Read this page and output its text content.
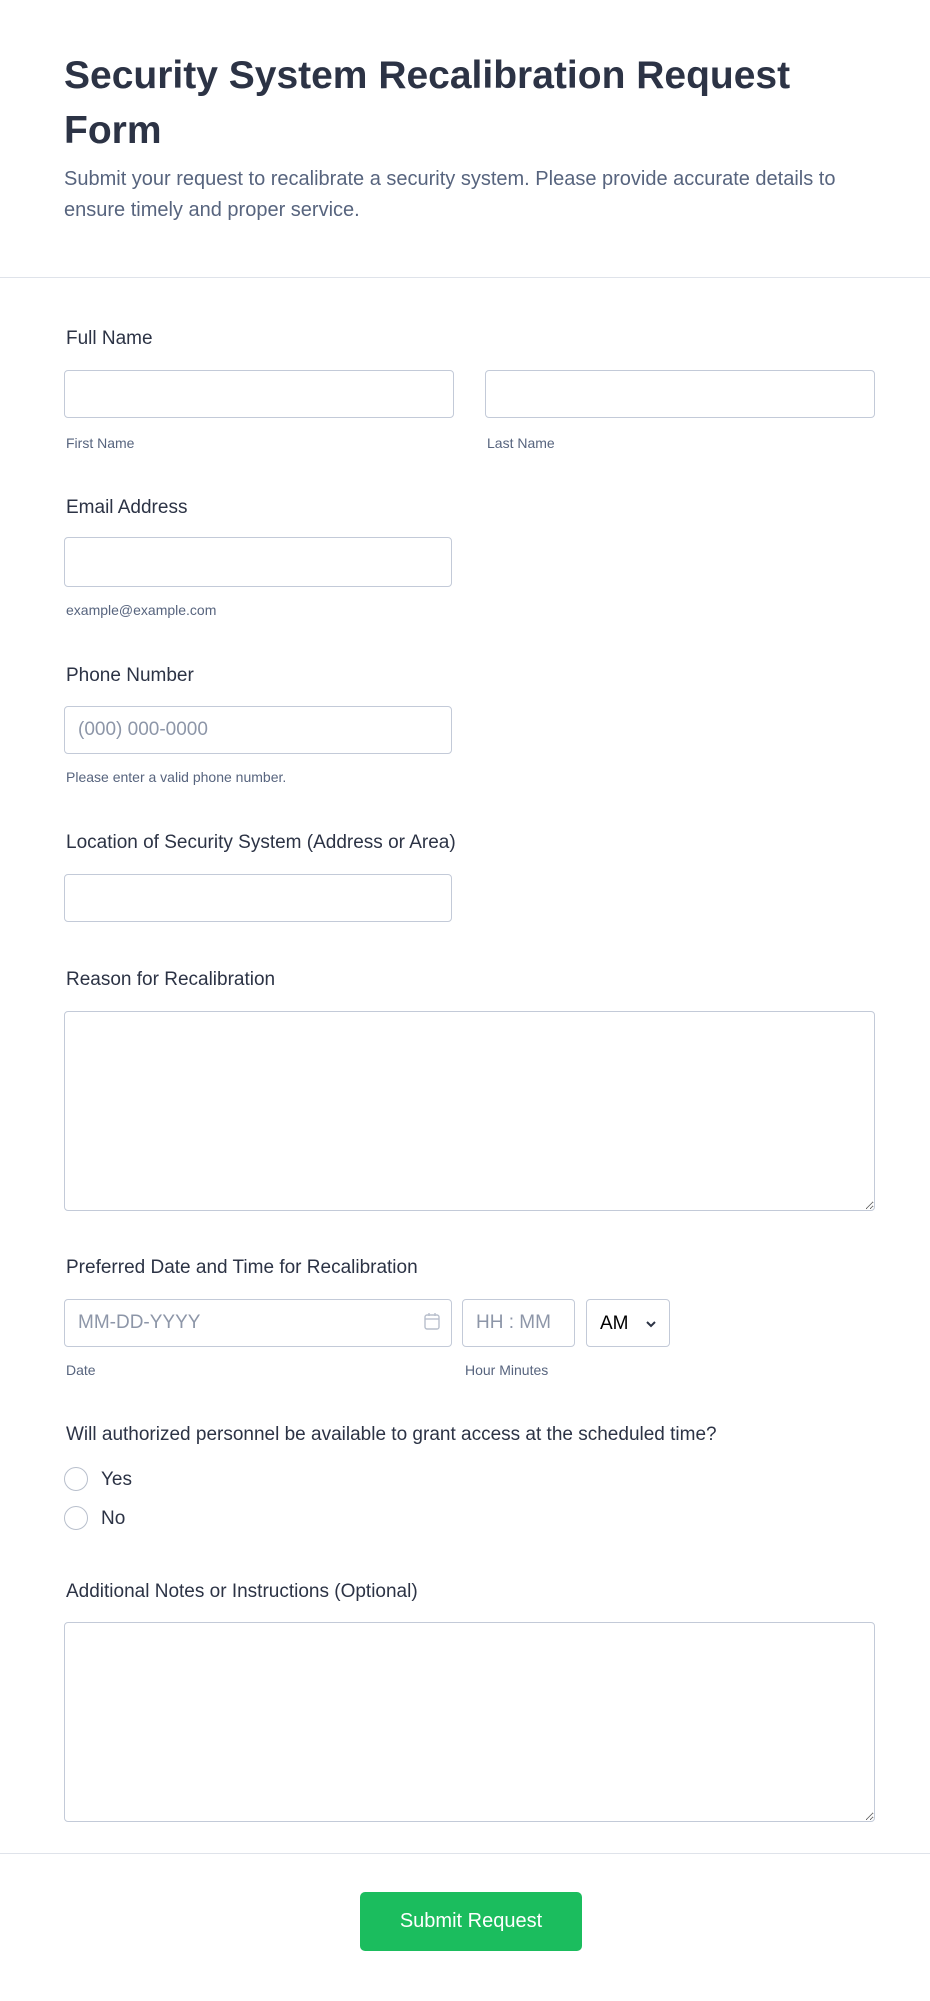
Security System Recalibration Request Form

Submit your request to recalibrate a security system. Please provide accurate details to ensure timely and proper service.

Full Name
First Name	Last Name
Email Address
example@example.com
Phone Number
(000) 000-0000
Please enter a valid phone number.
Location of Security System (Address or Area)
Reason for Recalibration
Preferred Date and Time for Recalibration
MM-DD-YYYY
HH : MM
AM
Date	Hour Minutes
Will authorized personnel be available to grant access at the scheduled time?
Yes
No
Additional Notes or Instructions (Optional)
Submit Request
